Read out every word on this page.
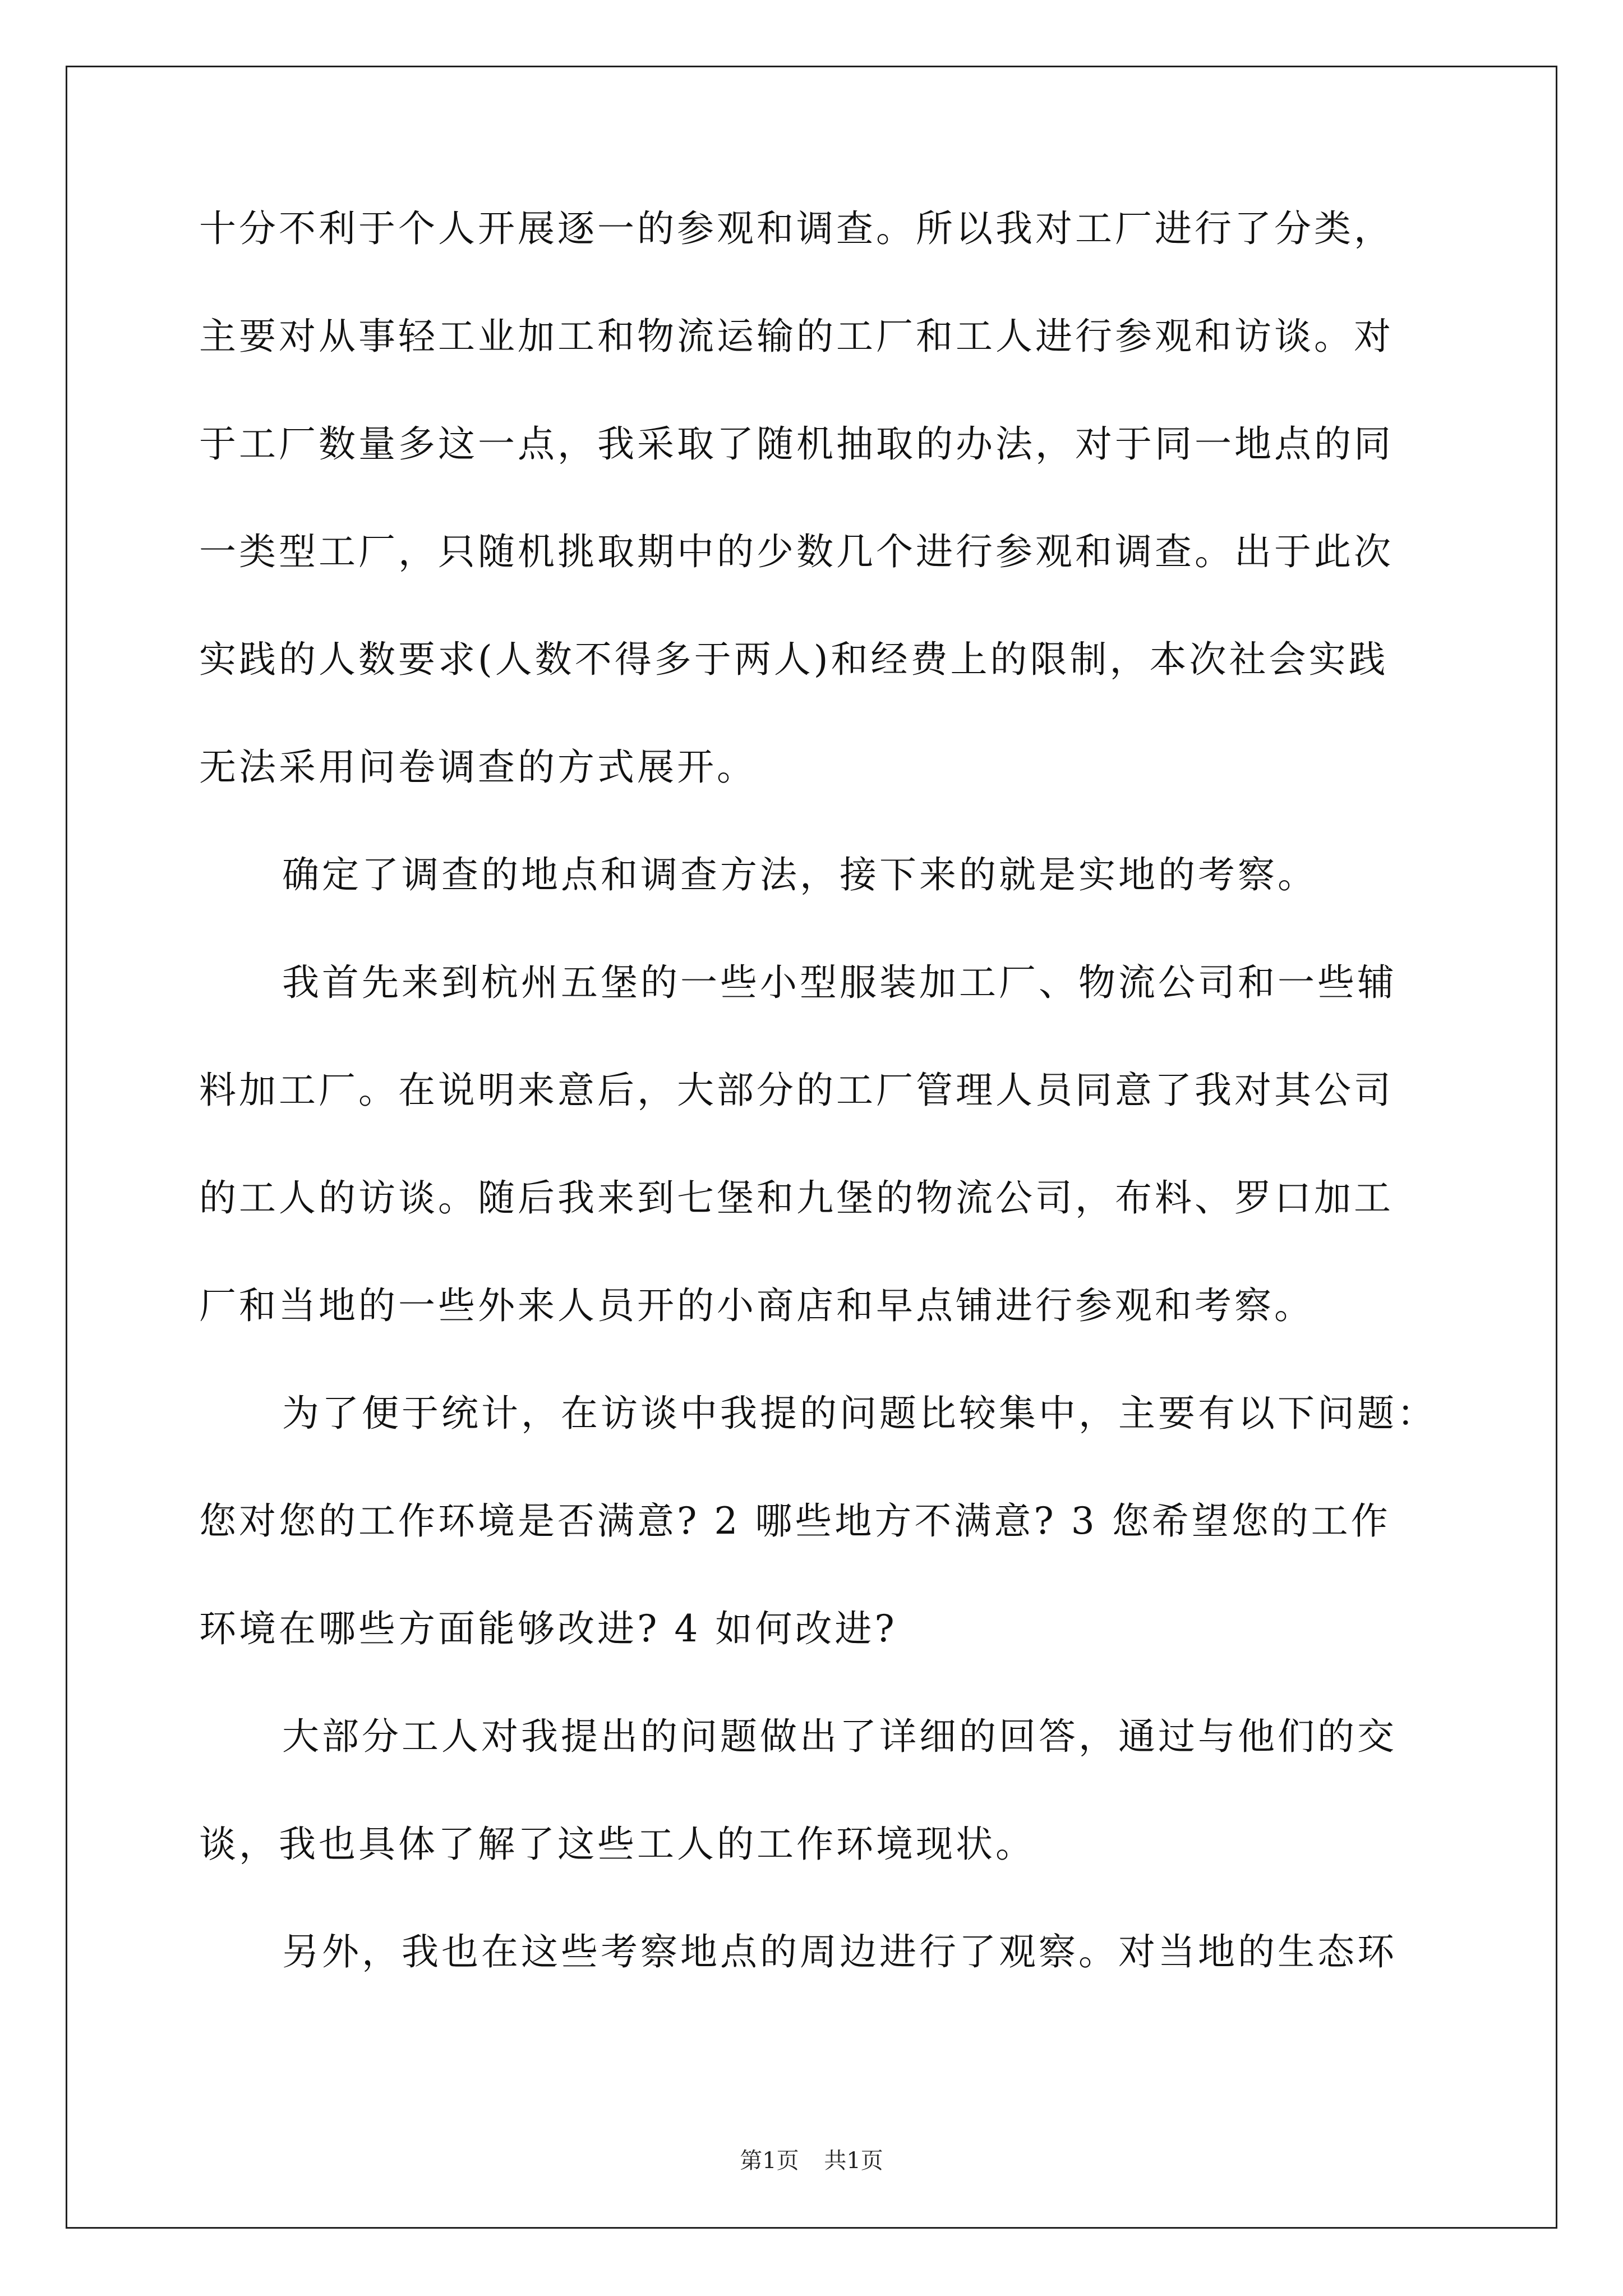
十分不利于个人开展逐一的参观和调查。所以我对工厂进行了分类，
主要对从事轻工业加工和物流运输的工厂和工人进行参观和访谈。对
于工厂数量多这一点，我采取了随机抽取的办法，对于同一地点的同
一类型工厂，只随机挑取期中的少数几个进行参观和调查。出于此次
实践的人数要求(人数不得多于两人)和经费上的限制，本次社会实践
无法采用问卷调查的方式展开。
确定了调查的地点和调查方法，接下来的就是实地的考察。
我首先来到杭州五堡的一些小型服装加工厂、物流公司和一些辅
料加工厂。在说明来意后，大部分的工厂管理人员同意了我对其公司
的工人的访谈。随后我来到七堡和九堡的物流公司，布料、罗口加工
厂和当地的一些外来人员开的小商店和早点铺进行参观和考察。
为了便于统计，在访谈中我提的问题比较集中，主要有以下问题：
您对您的工作环境是否满意? 2 哪些地方不满意? 3 您希望您的工作
环境在哪些方面能够改进? 4 如何改进?
大部分工人对我提出的问题做出了详细的回答，通过与他们的交
谈，我也具体了解了这些工人的工作环境现状。
另外，我也在这些考察地点的周边进行了观察。对当地的生态环
第1页 共1页
